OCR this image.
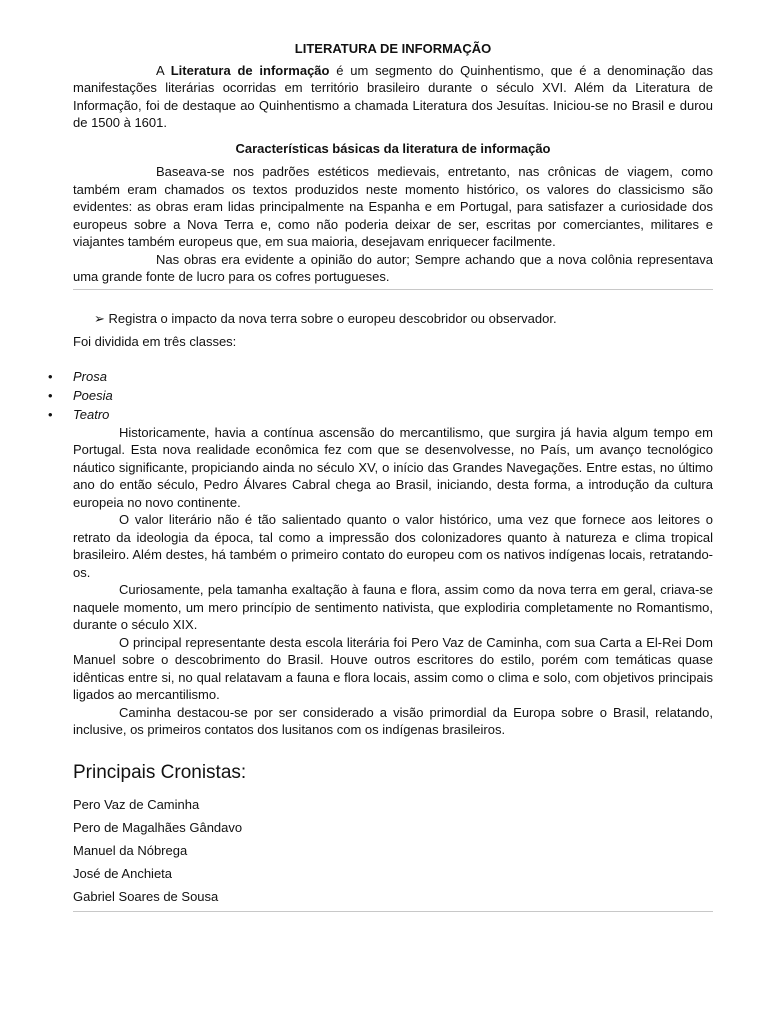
LITERATURA DE INFORMAÇÃO

A Literatura de informação é um segmento do Quinhentismo, que é a denominação das manifestações literárias ocorridas em território brasileiro durante o século XVI. Além da Literatura de Informação, foi de destaque ao Quinhentismo a chamada Literatura dos Jesuítas. Iniciou-se no Brasil e durou de 1500 à 1601.

Características básicas da literatura de informação

Baseava-se nos padrões estéticos medievais, entretanto, nas crônicas de viagem, como também eram chamados os textos produzidos neste momento histórico, os valores do classicismo são evidentes: as obras eram lidas principalmente na Espanha e em Portugal, para satisfazer a curiosidade dos europeus sobre a Nova Terra e, como não poderia deixar de ser, escritas por comerciantes, militares e viajantes também europeus que, em sua maioria, desejavam enriquecer facilmente.

Nas obras era evidente a opinião do autor; Sempre achando que a nova colônia representava uma grande fonte de lucro para os cofres portugueses.

➢ Registra o impacto da nova terra sobre o europeu descobridor ou observador.
Foi dividida em três classes:
• Prosa
• Poesia
• Teatro

Historicamente, havia a contínua ascensão do mercantilismo, que surgira já havia algum tempo em Portugal. Esta nova realidade econômica fez com que se desenvolvesse, no País, um avanço tecnológico náutico significante, propiciando ainda no século XV, o início das Grandes Navegações. Entre estas, no último ano do então século, Pedro Álvares Cabral chega ao Brasil, iniciando, desta forma, a introdução da cultura europeia no novo continente.

O valor literário não é tão salientado quanto o valor histórico, uma vez que fornece aos leitores o retrato da ideologia da época, tal como a impressão dos colonizadores quanto à natureza e clima tropical brasileiro. Além destes, há também o primeiro contato do europeu com os nativos indígenas locais, retratando-os.

Curiosamente, pela tamanha exaltação à fauna e flora, assim como da nova terra em geral, criava-se naquele momento, um mero princípio de sentimento nativista, que explodiria completamente no Romantismo, durante o século XIX.

O principal representante desta escola literária foi Pero Vaz de Caminha, com sua Carta a El-Rei Dom Manuel sobre o descobrimento do Brasil. Houve outros escritores do estilo, porém com temáticas quase idênticas entre si, no qual relatavam a fauna e flora locais, assim como o clima e solo, com objetivos principais ligados ao mercantilismo.

Caminha destacou-se por ser considerado a visão primordial da Europa sobre o Brasil, relatando, inclusive, os primeiros contatos dos lusitanos com os indígenas brasileiros.

Principais Cronistas:

Pero Vaz de Caminha

Pero de Magalhães Gândavo

Manuel da Nóbrega

José de Anchieta

Gabriel Soares de Sousa
